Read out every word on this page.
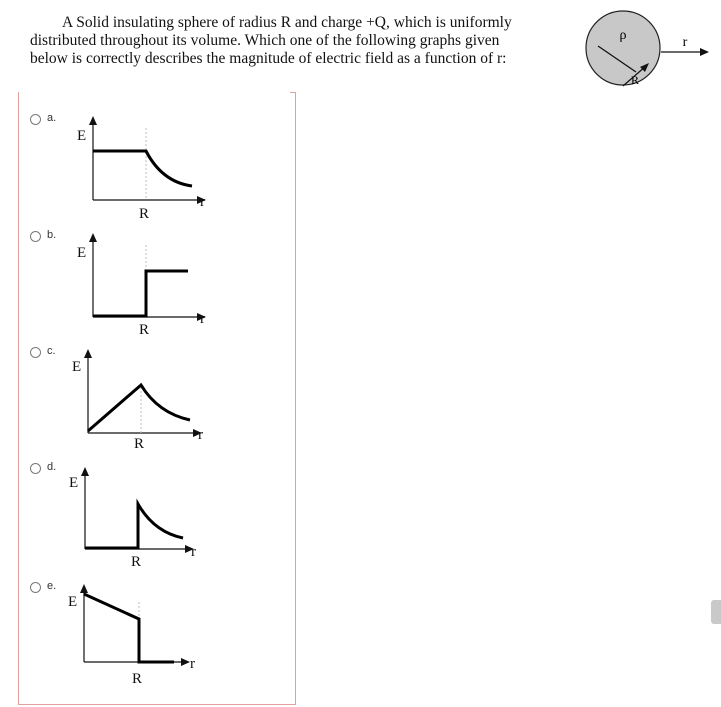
A Solid insulating sphere of radius R and charge +Q, which is uniformly
distributed throughout its volume. Which one of the following graphs given
below is correctly describes the magnitude of electric field as a function of r:
ρ
R
r
a.
E
r
R
b.
E
r
R
c.
E
r
R
d.
E
r
R
e.
E
r
R
